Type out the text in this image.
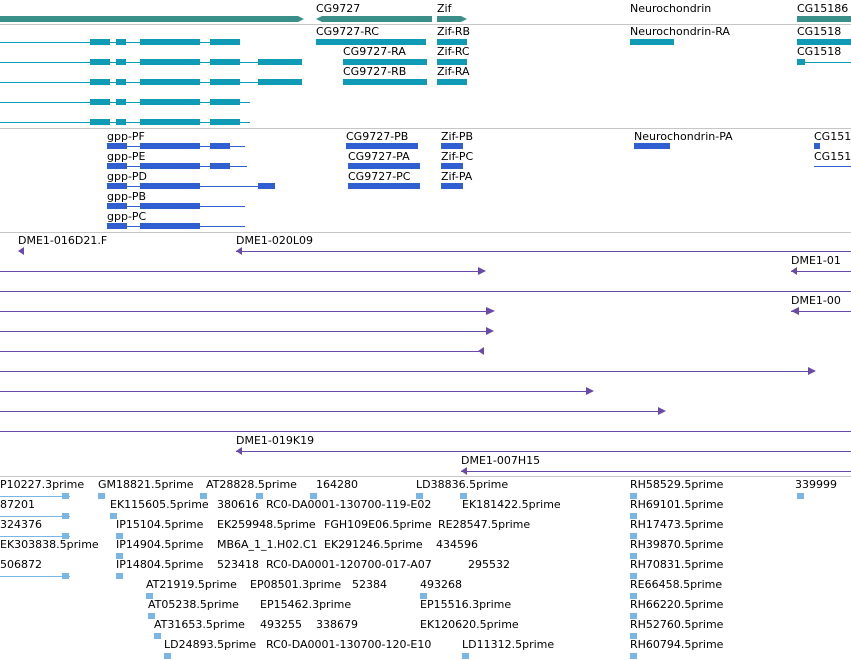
CG9727	Zif	Neurochondrin	CG15186
CG9727-RC	Zif-RB	Neurochondrin-RA	CG1518
CG9727-RA	Zif-RC	CG1518
CG9727-RB	Zif-RA
gpp-PF	CG9727-PB	Zif-PB	Neurochondrin-PA	CG151
gpp-PE	CG9727-PA	Zif-PC	CG151
gpp-PD	CG9727-PC	Zif-PA
gpp-PB
gpp-PC
DME1-016D21.F	DME1-020L09
DME1-01
DME1-00
DME1-019K19
DME1-007H15
P10227.3prime GM18821.5prime AT28828.5prime 164280	LD38836.5prime	RH58529.5prime	339999
87201	EK115605.5prime 380616 RC0-DA0001-130700-119-E02	EK181422.5prime	RH69101.5prime
324376	IP15104.5prime EK259948.5prime FGH109E06.5prime RE28547.5prime	RH17473.5prime
EK303838.5prime IP14904.5prime MB6A_1_1.H02.C1 EK291246.5prime 434596	RH39870.5prime
506872	IP14804.5prime 523418 RC0-DA0001-120700-017-A07	295532	RH70831.5prime
AT21919.5prime EP08501.3prime 52384	493268	RE66458.5prime
AT05238.5prime EP15462.3prime	EP15516.3prime	RH66220.5prime
AT31653.5prime 493255 338679	EK120620.5prime	RH52760.5prime
LD24893.5prime RC0-DA0001-130700-120-E10	LD11312.5prime	RH60794.5prime
